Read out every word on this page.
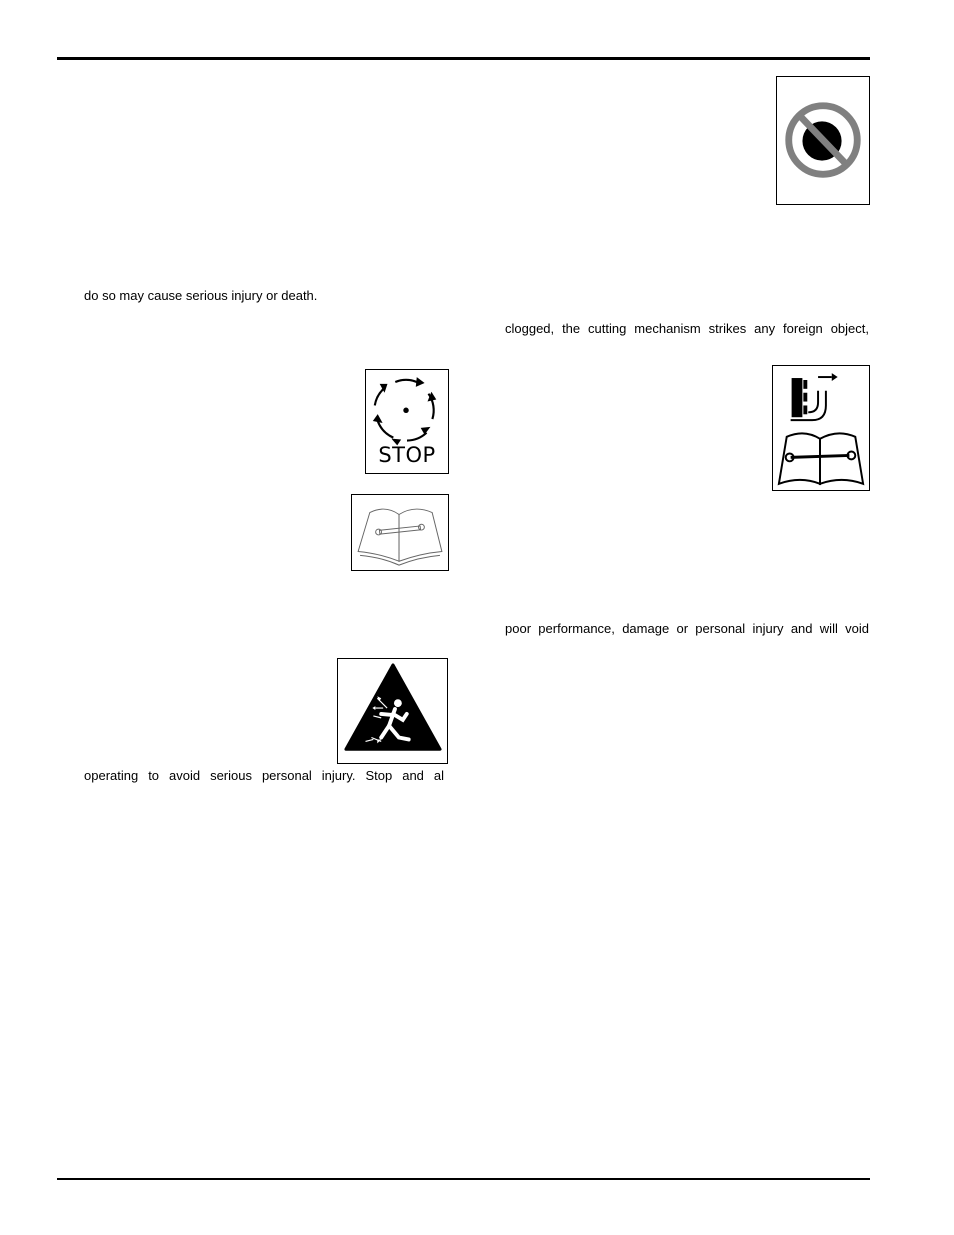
do so may cause serious injury or death.
clogged, the cutting mechanism strikes any foreign object,
STOP
poor performance, damage or personal injury and will void
operating to avoid serious personal injury. Stop and al
